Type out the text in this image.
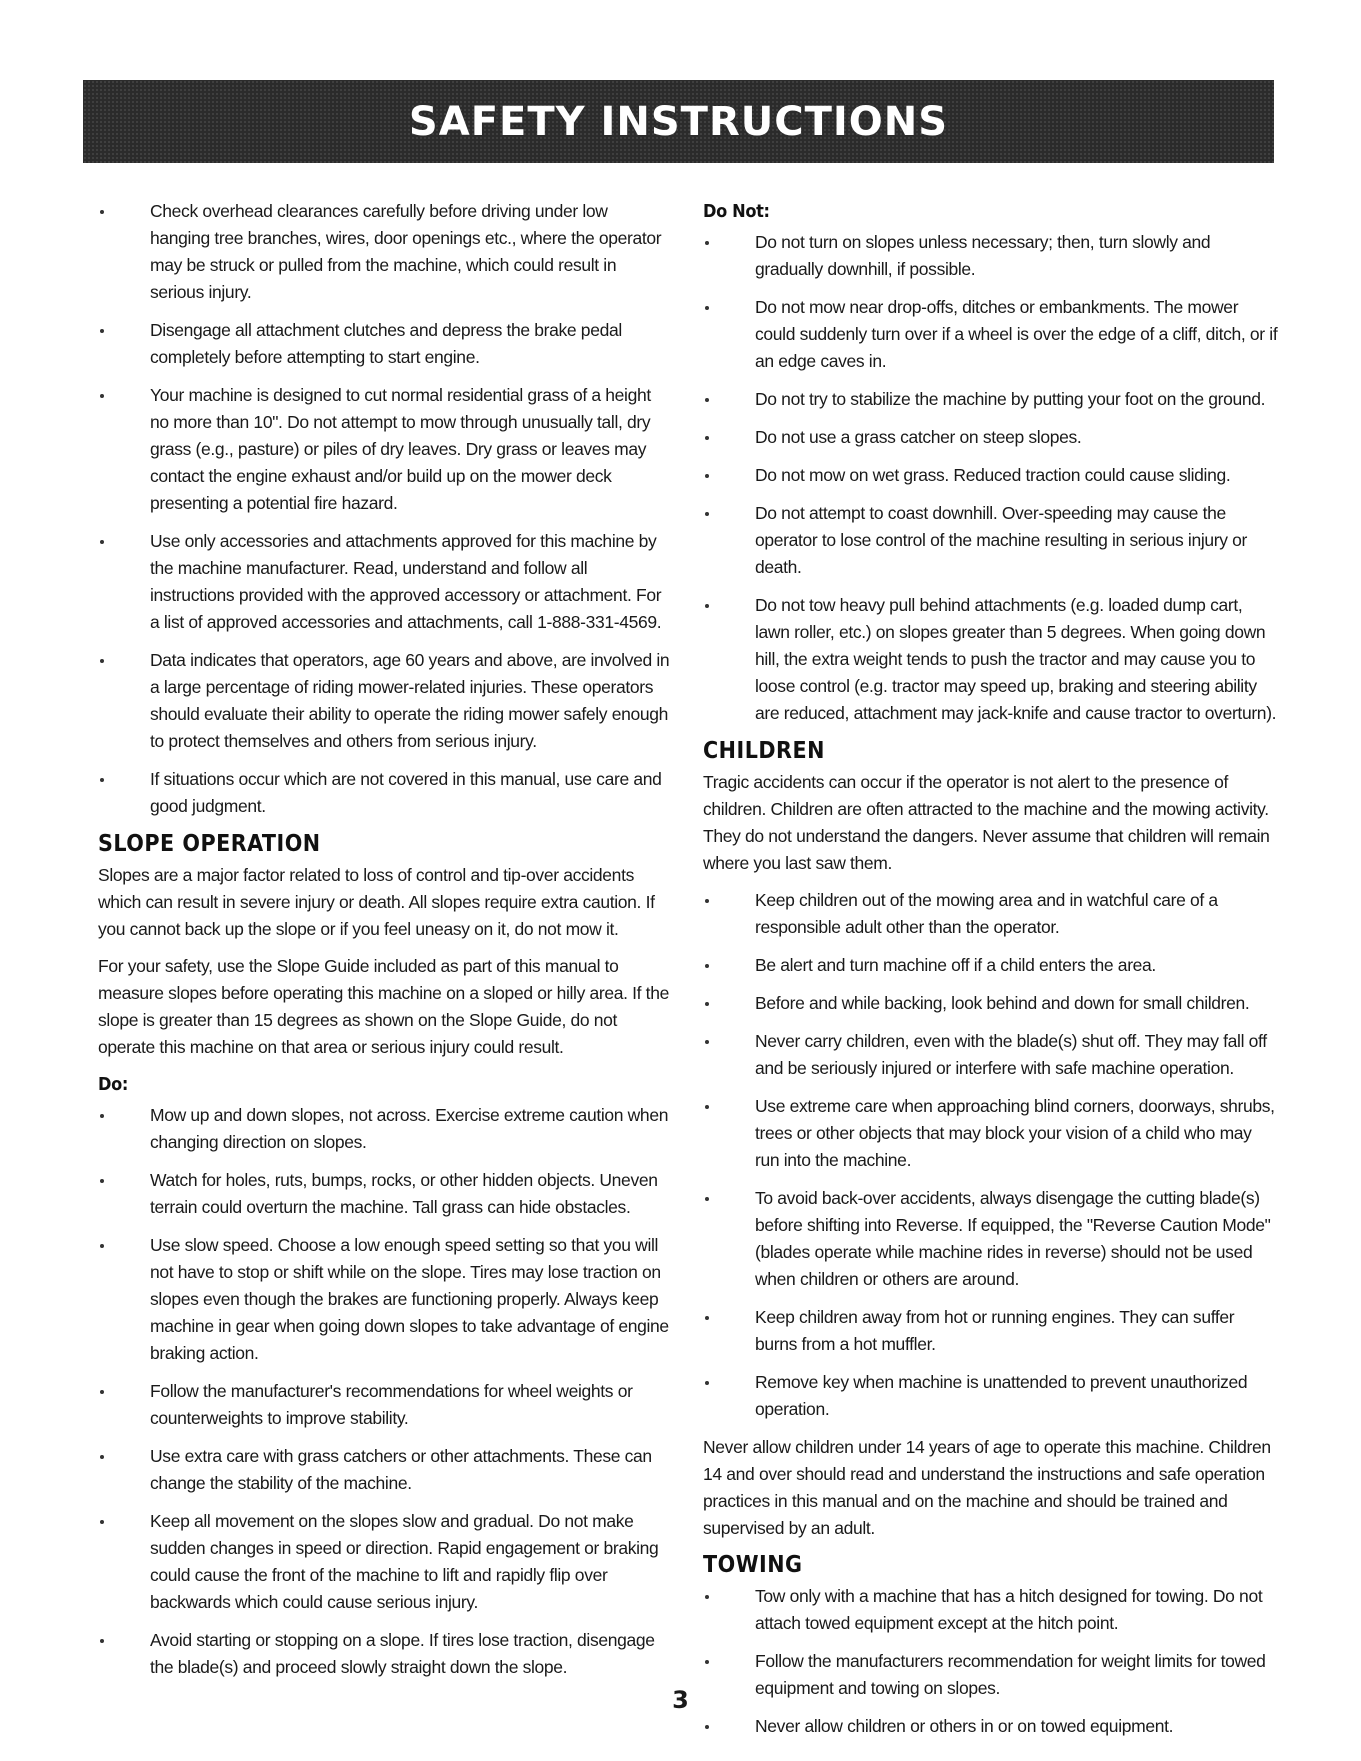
SAFETY INSTRUCTIONS
Check overhead clearances carefully before driving under low hanging tree branches, wires, door openings etc., where the operator may be struck or pulled from the machine, which could result in serious injury.
Disengage all attachment clutches and depress the brake pedal completely before attempting to start engine.
Your machine is designed to cut normal residential grass of a height no more than 10". Do not attempt to mow through unusually tall, dry grass (e.g., pasture) or piles of dry leaves. Dry grass or leaves may contact the engine exhaust and/or build up on the mower deck presenting a potential fire hazard.
Use only accessories and attachments approved for this machine by the machine manufacturer. Read, understand and follow all instructions provided with the approved accessory or attachment. For a list of approved accessories and attachments, call 1-888-331-4569.
Data indicates that operators, age 60 years and above, are involved in a large percentage of riding mower-related injuries. These operators should evaluate their ability to operate the riding mower safely enough to protect themselves and others from serious injury.
If situations occur which are not covered in this manual, use care and good judgment.
SLOPE OPERATION

Slopes are a major factor related to loss of control and tip-over accidents which can result in severe injury or death. All slopes require extra caution. If you cannot back up the slope or if you feel uneasy on it, do not mow it.

For your safety, use the Slope Guide included as part of this manual to measure slopes before operating this machine on a sloped or hilly area. If the slope is greater than 15 degrees as shown on the Slope Guide, do not operate this machine on that area or serious injury could result.

Do:
Mow up and down slopes, not across. Exercise extreme caution when changing direction on slopes.
Watch for holes, ruts, bumps, rocks, or other hidden objects. Uneven terrain could overturn the machine. Tall grass can hide obstacles.
Use slow speed. Choose a low enough speed setting so that you will not have to stop or shift while on the slope. Tires may lose traction on slopes even though the brakes are functioning properly. Always keep machine in gear when going down slopes to take advantage of engine braking action.
Follow the manufacturer's recommendations for wheel weights or counterweights to improve stability.
Use extra care with grass catchers or other attachments. These can change the stability of the machine.
Keep all movement on the slopes slow and gradual. Do not make sudden changes in speed or direction. Rapid engagement or braking could cause the front of the machine to lift and rapidly flip over backwards which could cause serious injury.
Avoid starting or stopping on a slope. If tires lose traction, disengage the blade(s) and proceed slowly straight down the slope.
Do Not:
Do not turn on slopes unless necessary; then, turn slowly and gradually downhill, if possible.
Do not mow near drop-offs, ditches or embankments. The mower could suddenly turn over if a wheel is over the edge of a cliff, ditch, or if an edge caves in.
Do not try to stabilize the machine by putting your foot on the ground.
Do not use a grass catcher on steep slopes.
Do not mow on wet grass. Reduced traction could cause sliding.
Do not attempt to coast downhill. Over-speeding may cause the operator to lose control of the machine resulting in serious injury or death.
Do not tow heavy pull behind attachments (e.g. loaded dump cart, lawn roller, etc.) on slopes greater than 5 degrees. When going down hill, the extra weight tends to push the tractor and may cause you to loose control (e.g. tractor may speed up, braking and steering ability are reduced, attachment may jack-knife and cause tractor to overturn).
CHILDREN

Tragic accidents can occur if the operator is not alert to the presence of children. Children are often attracted to the machine and the mowing activity. They do not understand the dangers. Never assume that children will remain where you last saw them.

Keep children out of the mowing area and in watchful care of a responsible adult other than the operator.
Be alert and turn machine off if a child enters the area.
Before and while backing, look behind and down for small children.
Never carry children, even with the blade(s) shut off. They may fall off and be seriously injured or interfere with safe machine operation.
Use extreme care when approaching blind corners, doorways, shrubs, trees or other objects that may block your vision of a child who may run into the machine.
To avoid back-over accidents, always disengage the cutting blade(s) before shifting into Reverse. If equipped, the "Reverse Caution Mode" (blades operate while machine rides in reverse) should not be used when children or others are around.
Keep children away from hot or running engines. They can suffer burns from a hot muffler.
Remove key when machine is unattended to prevent unauthorized operation.

Never allow children under 14 years of age to operate this machine. Children 14 and over should read and understand the instructions and safe operation practices in this manual and on the machine and should be trained and supervised by an adult.

TOWING
Tow only with a machine that has a hitch designed for towing. Do not attach towed equipment except at the hitch point.
Follow the manufacturers recommendation for weight limits for towed equipment and towing on slopes.
Never allow children or others in or on towed equipment.
3
